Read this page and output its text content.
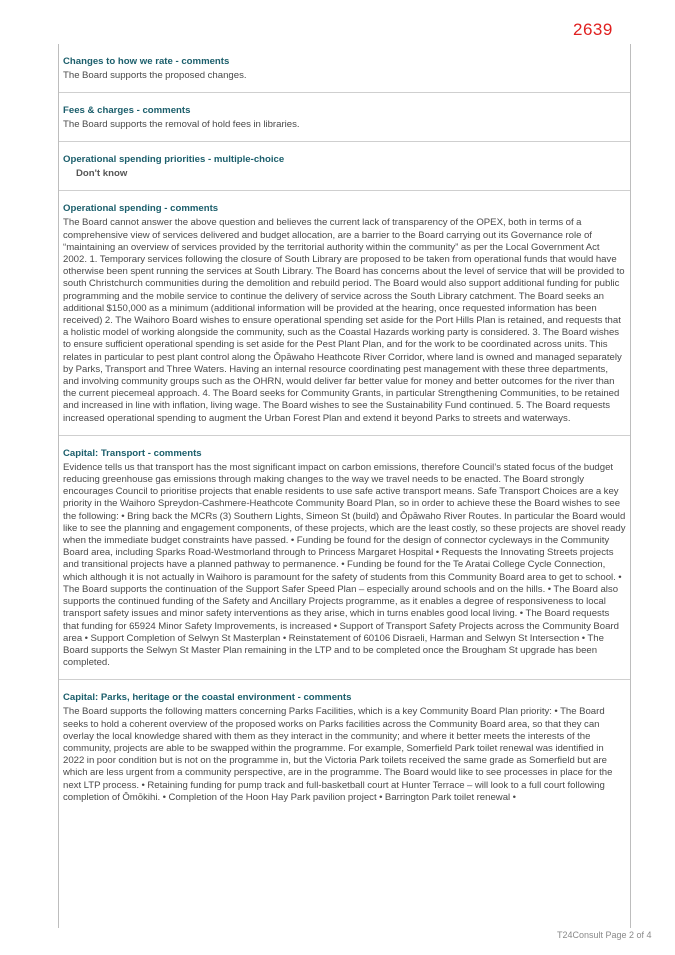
2639

Changes to how we rate - comments

The Board supports the proposed changes.

Fees & charges - comments

The Board supports the removal of hold fees in libraries.

Operational spending priorities - multiple-choice

Don't know

Operational spending - comments

The Board cannot answer the above question and believes the current lack of transparency of the OPEX, both in terms of a comprehensive view of services delivered and budget allocation, are a barrier to the Board carrying out its Governance role of “maintaining an overview of services provided by the territorial authority within the community” as per the Local Government Act 2002. 1. Temporary services following the closure of South Library are proposed to be taken from operational funds that would have otherwise been spent running the services at South Library. The Board has concerns about the level of service that will be provided to south Christchurch communities during the demolition and rebuild period. The Board would also support additional funding for public programming and the mobile service to continue the delivery of service across the South Library catchment. The Board seeks an additional $150,000 as a minimum (additional information will be provided at the hearing, once requested information has been received) 2. The Waihoro Board wishes to ensure operational spending set aside for the Port Hills Plan is retained, and requests that a holistic model of working alongside the community, such as the Coastal Hazards working party is considered. 3. The Board wishes to ensure sufficient operational spending is set aside for the Pest Plant Plan, and for the work to be coordinated across units. This relates in particular to pest plant control along the Ōpāwaho Heathcote River Corridor, where land is owned and managed separately by Parks, Transport and Three Waters. Having an internal resource coordinating pest management with these three departments, and involving community groups such as the OHRN, would deliver far better value for money and better outcomes for the river than the current piecemeal approach. 4. The Board seeks for Community Grants, in particular Strengthening Communities, to be retained and increased in line with inflation, living wage. The Board wishes to see the Sustainability Fund continued. 5. The Board requests increased operational spending to augment the Urban Forest Plan and extend it beyond Parks to streets and waterways.

Capital: Transport - comments

Evidence tells us that transport has the most significant impact on carbon emissions, therefore Council’s stated focus of the budget reducing greenhouse gas emissions through making changes to the way we travel needs to be enacted. The Board strongly encourages Council to prioritise projects that enable residents to use safe active transport means. Safe Transport Choices are a key priority in the Waihoro Spreydon-Cashmere-Heathcote Community Board Plan, so in order to achieve these the Board wishes to see the following: • Bring back the MCRs (3) Southern Lights, Simeon St (build) and Ōpāwaho River Routes. In particular the Board would like to see the planning and engagement components, of these projects, which are the least costly, so these projects are shovel ready when the immediate budget constraints have passed. • Funding be found for the design of connector cycleways in the Community Board area, including Sparks Road-Westmorland through to Princess Margaret Hospital • Requests the Innovating Streets projects and transitional projects have a planned pathway to permanence. • Funding be found for the Te Aratai College Cycle Connection, which although it is not actually in Waihoro is paramount for the safety of students from this Community Board area to get to school. • The Board supports the continuation of the Support Safer Speed Plan – especially around schools and on the hills. • The Board also supports the continued funding of the Safety and Ancillary Projects programme, as it enables a degree of responsiveness to local transport safety issues and minor safety interventions as they arise, which in turns enables good local living. • The Board requests that funding for 65924 Minor Safety Improvements, is increased • Support of Transport Safety Projects across the Community Board area • Support Completion of Selwyn St Masterplan • Reinstatement of 60106 Disraeli, Harman and Selwyn St Intersection • The Board supports the Selwyn St Master Plan remaining in the LTP and to be completed once the Brougham St upgrade has been completed.

Capital: Parks, heritage or the coastal environment - comments

The Board supports the following matters concerning Parks Facilities, which is a key Community Board Plan priority: • The Board seeks to hold a coherent overview of the proposed works on Parks facilities across the Community Board area, so that they can overlay the local knowledge shared with them as they interact in the community; and where it better meets the interests of the community, projects are able to be swapped within the programme. For example, Somerfield Park toilet renewal was identified in 2022 in poor condition but is not on the programme in, but the Victoria Park toilets received the same grade as Somerfield but are which are less urgent from a community perspective, are in the programme. The Board would like to see processes in place for the next LTP process. • Retaining funding for pump track and full-basketball court at Hunter Terrace – will look to a full court following completion of Ōmōkihi. • Completion of the Hoon Hay Park pavilion project • Barrington Park toilet renewal •

T24Consult Page 2 of 4
